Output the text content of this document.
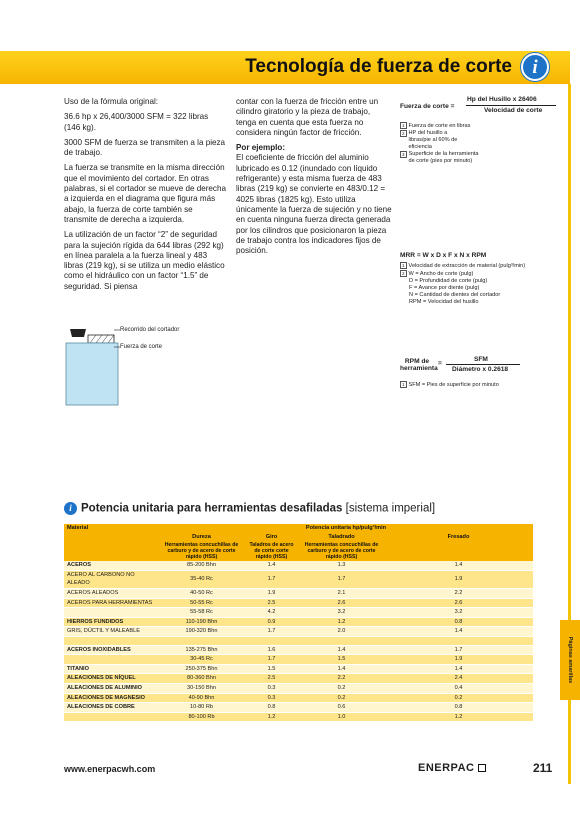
Tecnología de fuerza de corte	i
Páginas amarillas

Uso de la fórmula original:

36.6 hp x 26,400/3000 SFM = 322 libras (146 kg).

3000 SFM de fuerza se transmiten a la pieza de trabajo.

La fuerza se transmite en la misma dirección que el movimiento del cortador. En otras palabras, si el cortador se mueve de derecha a izquierda en el diagrama que figura más abajo, la fuerza de corte también se transmite de derecha a izquierda.

La utilización de un factor “2” de seguridad para la sujeción rígida da 644 libras (292 kg) en línea paralela a la fuerza lineal y 483 libras (219 kg), si se utiliza un medio elástico como el hidráulico con un factor “1.5” de seguridad. Si piensa

contar con la fuerza de fricción entre un cilindro giratorio y la pieza de trabajo, tenga en cuenta que esta fuerza no considera ningún factor de fricción.

Por ejemplo:

El coeficiente de fricción del aluminio lubricado es 0.12 (inundado con líquido refrigerante) y esta misma fuerza de 483 libras (219 kg) se convierte en 483/0.12 = 4025 libras (1825 kg). Esto utiliza únicamente la fuerza de sujeción y no tiene en cuenta ninguna fuerza directa generada por los cilindros que posicionaron la pieza de trabajo contra los indicadores fijos de posición.

Fuerza de corte =
Hp del Husillo x 26406
Velocidad de corte
1 Fuerza de corte en libras
2 HP del husillo a libras/pie al 60% de eficiencia
3 Superficie de la herramienta de corte (pies por minuto)
MRR = W x D x F x N x RPM
1 Velocidad de extracción de material (pulg³/min)
2 W = Ancho de corte (pulg)
D = Profundidad de corte (pulg)
F = Avance por diente (pulg)
N = Cantidad de dientes del cortador
RPM = Velocidad del husillo
RPM de herramienta
=
SFM
Diámetro x 0.2618
1 SFM = Pies de superficie por minuto
Recorrido del cortador
Fuerza de corte
i Potencia unitaria para herramientas desafiladas [sistema imperial]
Material	Potencia unitaria hp/pulg³/min			
	Dureza	Giro	Taladrado	Fresado
	Herramientas concuchillas de carburo y de acero de corte rápido (HSS)	Taladros de acero de corte corte rápido (HSS)	Herramientas concuchillas de carburo y de acero de corte rápido (HSS)	
ACEROS	85-200 Bhn	1.4	1.3	1.4
ACERO AL CARBONO NO ALEADO	35-40 Rc	1.7	1.7	1.9
ACEROS ALEADOS	40-50 Rc	1.9	2.1	2.2
ACEROS PARA HERRAMIENTAS	50-55 Rc	2.5	2.6	2.6
	55-58 Rc	4.2	3.2	3.2
HIERROS FUNDIDOS	110-190 Bhn	0.9	1.2	0.8
GRIS, DÚCTIL Y MALEABLE	190-320 Bhn	1.7	2.0	1.4

ACEROS INOXIDABLES	135-275 Bhn	1.6	1.4	1.7
	30-45 Rc	1.7	1.5	1.9
TITANIO	250-375 Bhn	1.5	1.4	1.4
ALEACIONES DE NÍQUEL	80-360 Bhn	2.5	2.2	2.4
ALEACIONES DE ALUMINIO	30-150 Bhn	0.3	0.2	0.4
ALEACIONES DE MAGNESIO	40-90 Bhn	0.3	0.2	0.2
ALEACIONES DE COBRE	10-80 Rb	0.8	0.6	0.8
	80-100 Rb	1.2	1.0	1.2
www.enerpacwh.com	ENERPAC	211
